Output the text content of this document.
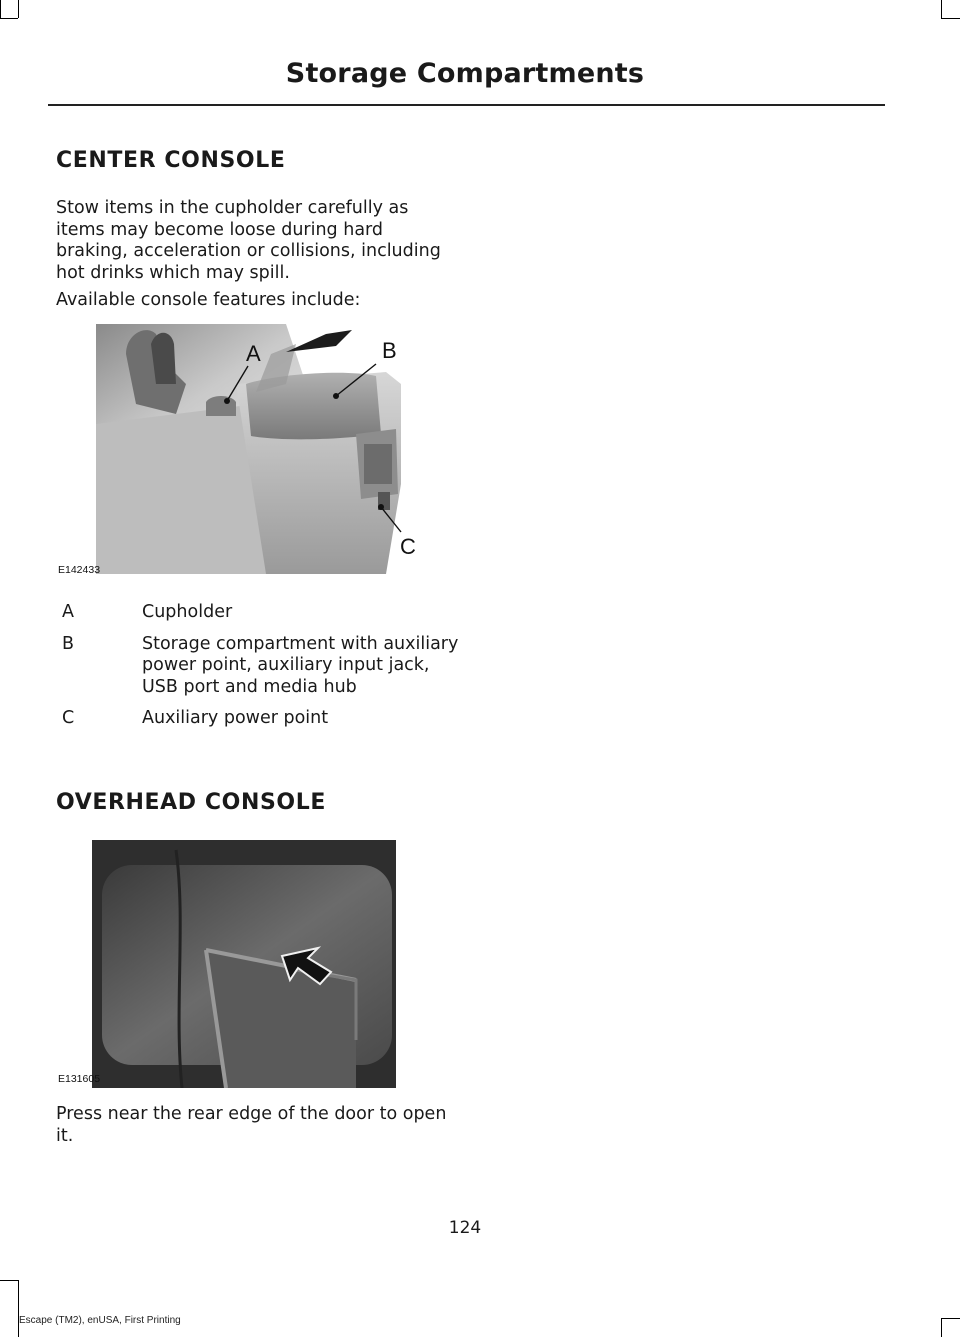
Storage Compartments
CENTER CONSOLE
Stow items in the cupholder carefully as items may become loose during hard braking, acceleration or collisions, including hot drinks which may spill.
Available console features include:
A	B
C
E142433
A	Cupholder
B	Storage compartment with auxiliary power point, auxiliary input jack, USB port and media hub
C	Auxiliary power point
OVERHEAD CONSOLE
E131605
Press near the rear edge of the door to open it.
124
Escape (TM2), enUSA, First Printing
